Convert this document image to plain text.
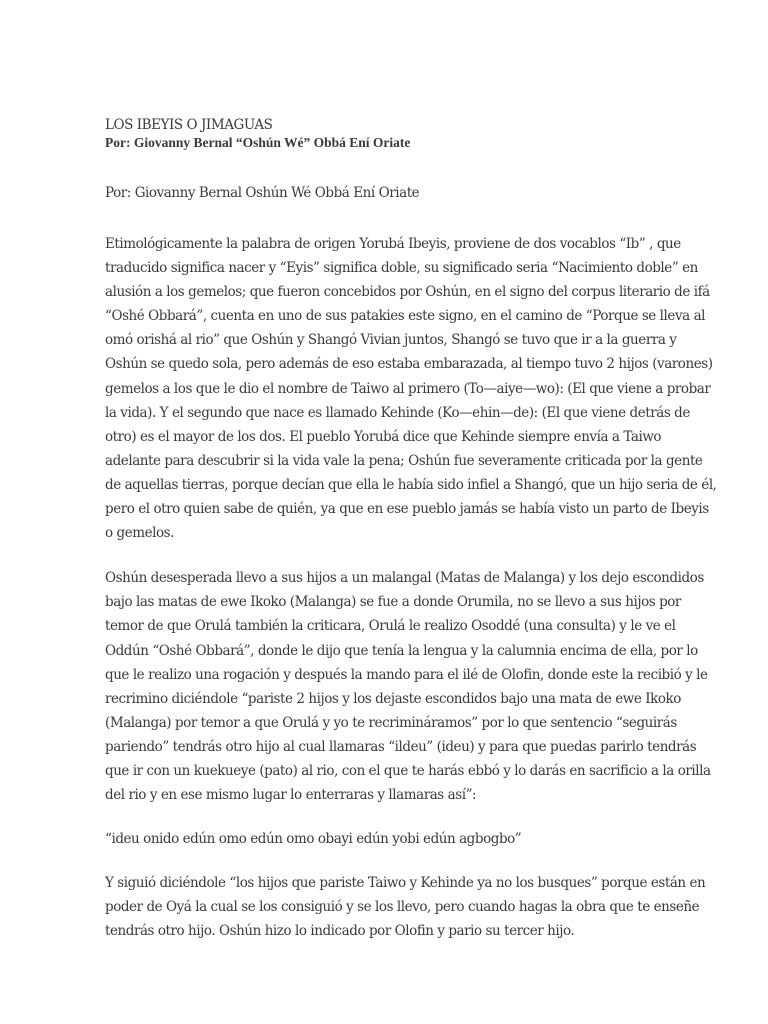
LOS IBEYIS O JIMAGUAS

Por: Giovanny Bernal “Oshún Wé” Obbá Ení Oriate

Por: Giovanny Bernal Oshún Wé Obbá Ení Oriate

Etimológicamente la palabra de origen Yorubá Ibeyis, proviene de dos vocablos “Ib” , que traducido significa nacer y “Eyis” significa doble, su significado seria “Nacimiento doble” en alusión a los gemelos; que fueron concebidos por Oshún, en el signo del corpus literario de ifá “Oshé Obbará”, cuenta en uno de sus patakies este signo, en el camino de “Porque se lleva al omó orishá al rio” que Oshún y Shangó Vivian juntos, Shangó se tuvo que ir a la guerra y Oshún se quedo sola, pero además de eso estaba embarazada, al tiempo tuvo 2 hijos (varones) gemelos a los que le dio el nombre de Taiwo al primero (To—aiye—wo): (El que viene a probar la vida). Y el segundo que nace es llamado Kehinde (Ko—ehin—de): (El que viene detrás de otro) es el mayor de los dos. El pueblo Yorubá dice que Kehinde siempre envía a Taiwo adelante para descubrir si la vida vale la pena; Oshún fue severamente criticada por la gente de aquellas tierras, porque decían que ella le había sido infiel a Shangó, que un hijo seria de él, pero el otro quien sabe de quién, ya que en ese pueblo jamás se había visto un parto de Ibeyis o gemelos.

Oshún desesperada llevo a sus hijos a un malangal (Matas de Malanga) y los dejo escondidos bajo las matas de ewe Ikoko (Malanga) se fue a donde Orumila, no se llevo a sus hijos por temor de que Orulá también la criticara, Orulá le realizo Osoddé (una consulta) y le ve el Oddún “Oshé Obbará”, donde le dijo que tenía la lengua y la calumnia encima de ella, por lo que le realizo una rogación y después la mando para el ilé de Olofin, donde este la recibió y le recrimino diciéndole “pariste 2 hijos y los dejaste escondidos bajo una mata de ewe Ikoko (Malanga) por temor a que Orulá y yo te recrimináramos” por lo que sentencio “seguirás pariendo” tendrás otro hijo al cual llamaras “ildeu” (ideu) y para que puedas parirlo tendrás que ir con un kuekueye (pato) al rio, con el que te harás ebbó y lo darás en sacrificio a la orilla del rio y en ese mismo lugar lo enterraras y llamaras así”:

“ideu onido edún omo edún omo obayi edún yobi edún agbogbo”

Y siguió diciéndole “los hijos que pariste Taiwo y Kehinde ya no los busques” porque están en poder de Oyá la cual se los consiguió y se los llevo, pero cuando hagas la obra que te enseñe tendrás otro hijo. Oshún hizo lo indicado por Olofin y pario su tercer hijo.
